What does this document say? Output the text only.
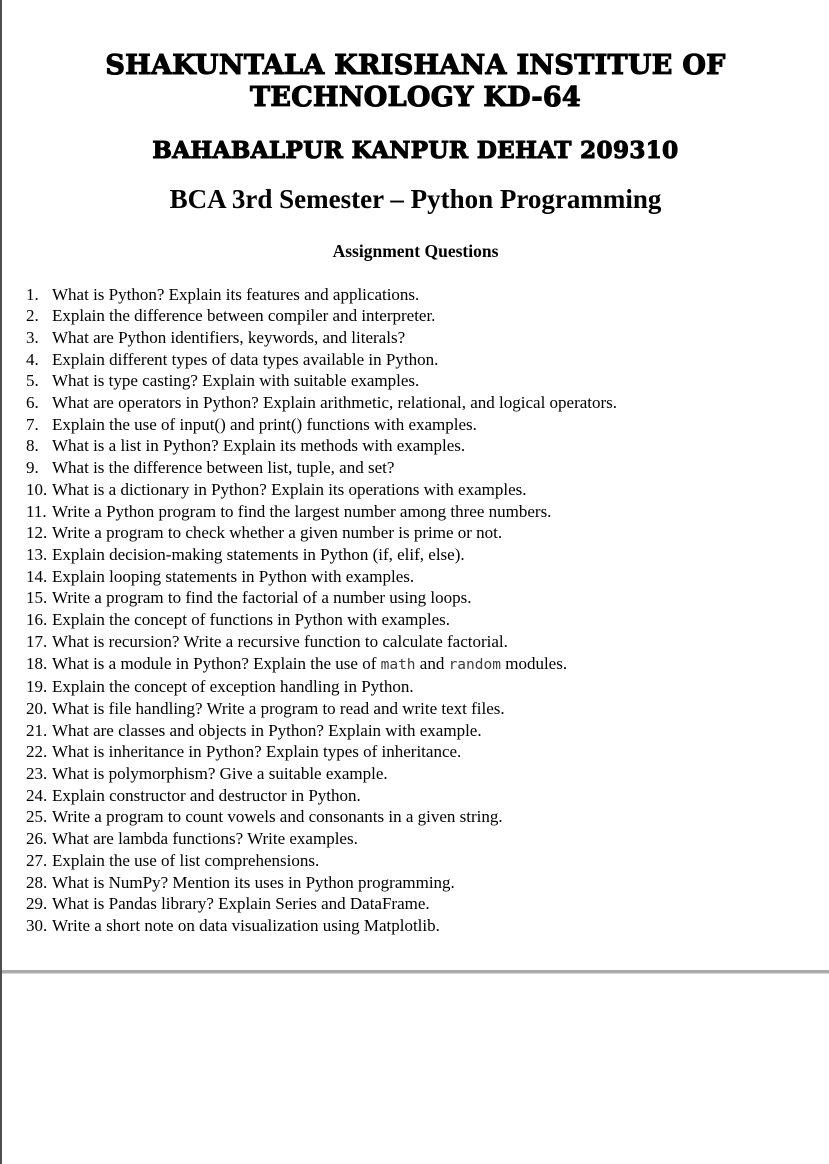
SHAKUNTALA KRISHANA INSTITUE OF TECHNOLOGY KD-64
BAHABALPUR KANPUR DEHAT 209310
BCA 3rd Semester – Python Programming
Assignment Questions
1. What is Python? Explain its features and applications.
2. Explain the difference between compiler and interpreter.
3. What are Python identifiers, keywords, and literals?
4. Explain different types of data types available in Python.
5. What is type casting? Explain with suitable examples.
6. What are operators in Python? Explain arithmetic, relational, and logical operators.
7. Explain the use of input() and print() functions with examples.
8. What is a list in Python? Explain its methods with examples.
9. What is the difference between list, tuple, and set?
10. What is a dictionary in Python? Explain its operations with examples.
11. Write a Python program to find the largest number among three numbers.
12. Write a program to check whether a given number is prime or not.
13. Explain decision-making statements in Python (if, elif, else).
14. Explain looping statements in Python with examples.
15. Write a program to find the factorial of a number using loops.
16. Explain the concept of functions in Python with examples.
17. What is recursion? Write a recursive function to calculate factorial.
18. What is a module in Python? Explain the use of math and random modules.
19. Explain the concept of exception handling in Python.
20. What is file handling? Write a program to read and write text files.
21. What are classes and objects in Python? Explain with example.
22. What is inheritance in Python? Explain types of inheritance.
23. What is polymorphism? Give a suitable example.
24. Explain constructor and destructor in Python.
25. Write a program to count vowels and consonants in a given string.
26. What are lambda functions? Write examples.
27. Explain the use of list comprehensions.
28. What is NumPy? Mention its uses in Python programming.
29. What is Pandas library? Explain Series and DataFrame.
30. Write a short note on data visualization using Matplotlib.
